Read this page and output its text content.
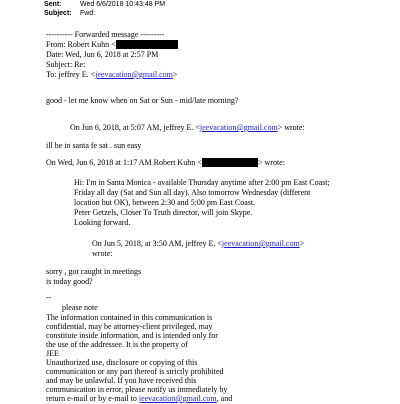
Sent:	Wed 6/6/2018 10:43:48 PM
Subject: Fwd:
---------- Forwarded message ---------
From: Robert Kuhn <
Date: Wed, Jun 6, 2018 at 2:57 PM
Subject: Re:
To: jeffrey E. <jeevacation@gmail.com>
good - let me know when on Sat or Sun - mid/late morning?
On Jun 6, 2018, at 5:07 AM, jeffrey E. <jeevacation@gmail.com> wrote:
ill be in santa fe sat . sun easy
On Wed, Jun 6, 2018 at 1:17 AM Robert Kuhn <	> wrote:
Hi: I'm in Santa Monica - available Thursday anytime after 2:00 pm East Coast;
Friday all day (Sat and Sun all day). Also tomorrow Wednesday (different
location but OK), between 2:30 and 5:00 pm East Coast.
Peter Getzels, Closer To Truth director, will join Skype.
Looking forward.
On Jun 5, 2018, at 3:50 AM, jeffrey E. <jeevacation@gmail.com>
wrote:
sorry , got caught in meetings
is today good?
--
please note
The information contained in this communication is
confidential, may be attorney-client privileged, may
constitute inside information, and is intended only for
the use of the addressee. It is the property of
JEE
Unauthorized use, disclosure or copying of this
communication or any part thereof is strictly prohibited
and may be unlawful. If you have received this
communication in error, please notify us immediately by
return e-mail or by e-mail to jeevacation@gmail.com, and
